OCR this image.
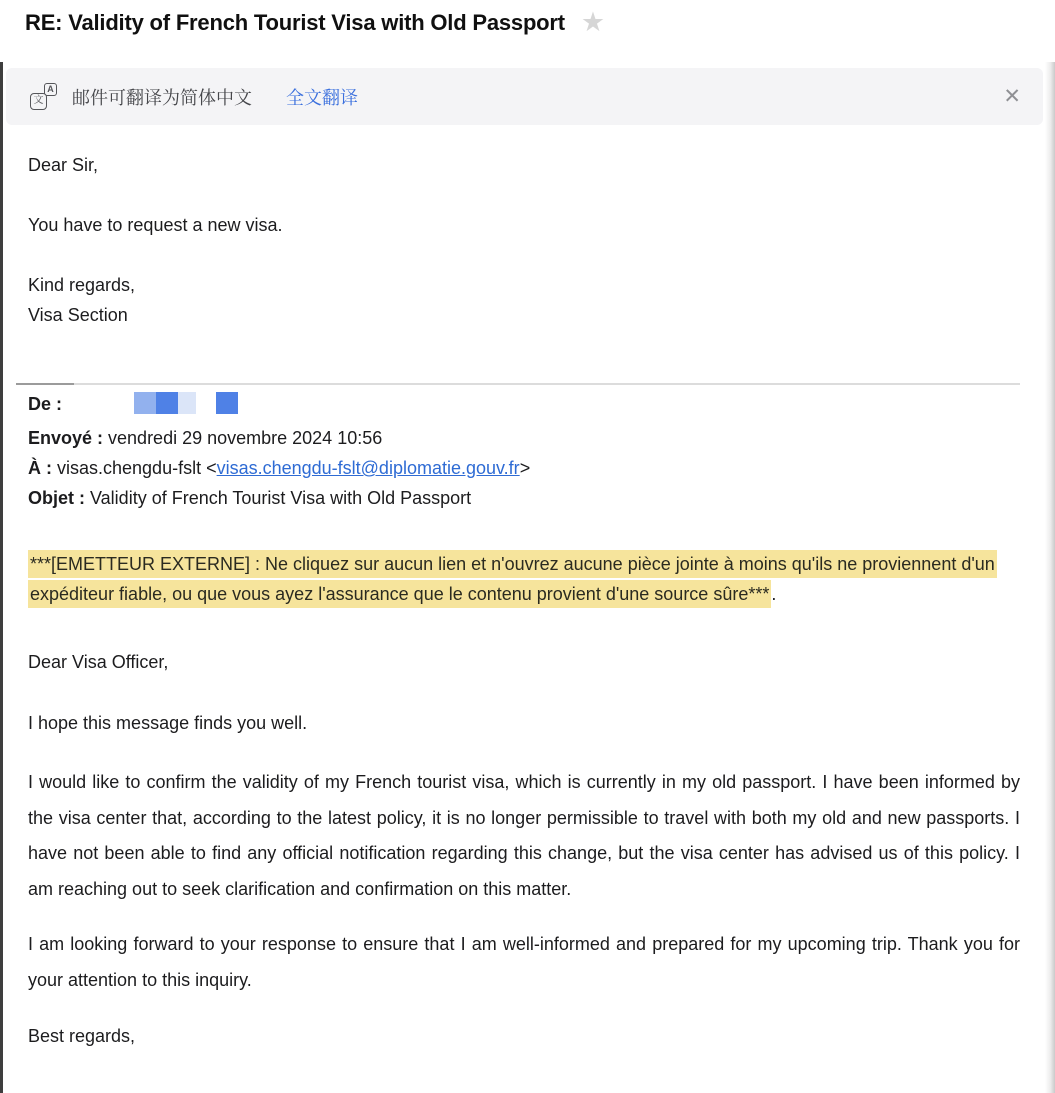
RE: Validity of French Tourist Visa with Old Passport ★
文
A 邮件可翻译为简体中文 全文翻译	✕

Dear Sir,

You have to request a new visa.

Kind regards,

Visa Section

De :
Envoyé : vendredi 29 novembre 2024 10:56
À : visas.chengdu-fslt <visas.chengdu-fslt@diplomatie.gouv.fr>
Objet : Validity of French Tourist Visa with Old Passport

***[EMETTEUR EXTERNE] : Ne cliquez sur aucun lien et n'ouvrez aucune pièce jointe à moins qu'ils ne proviennent d'un expéditeur fiable, ou que vous ayez l'assurance que le contenu provient d'une source sûre*** .

Dear Visa Officer,

I hope this message finds you well.

I would like to confirm the validity of my French tourist visa, which is currently in my old passport. I have been informed by the visa center that, according to the latest policy, it is no longer permissible to travel with both my old and new passports. I have not been able to find any official notification regarding this change, but the visa center has advised us of this policy. I am reaching out to seek clarification and confirmation on this matter.

I am looking forward to your response to ensure that I am well-informed and prepared for my upcoming trip. Thank you for your attention to this inquiry.

Best regards,
